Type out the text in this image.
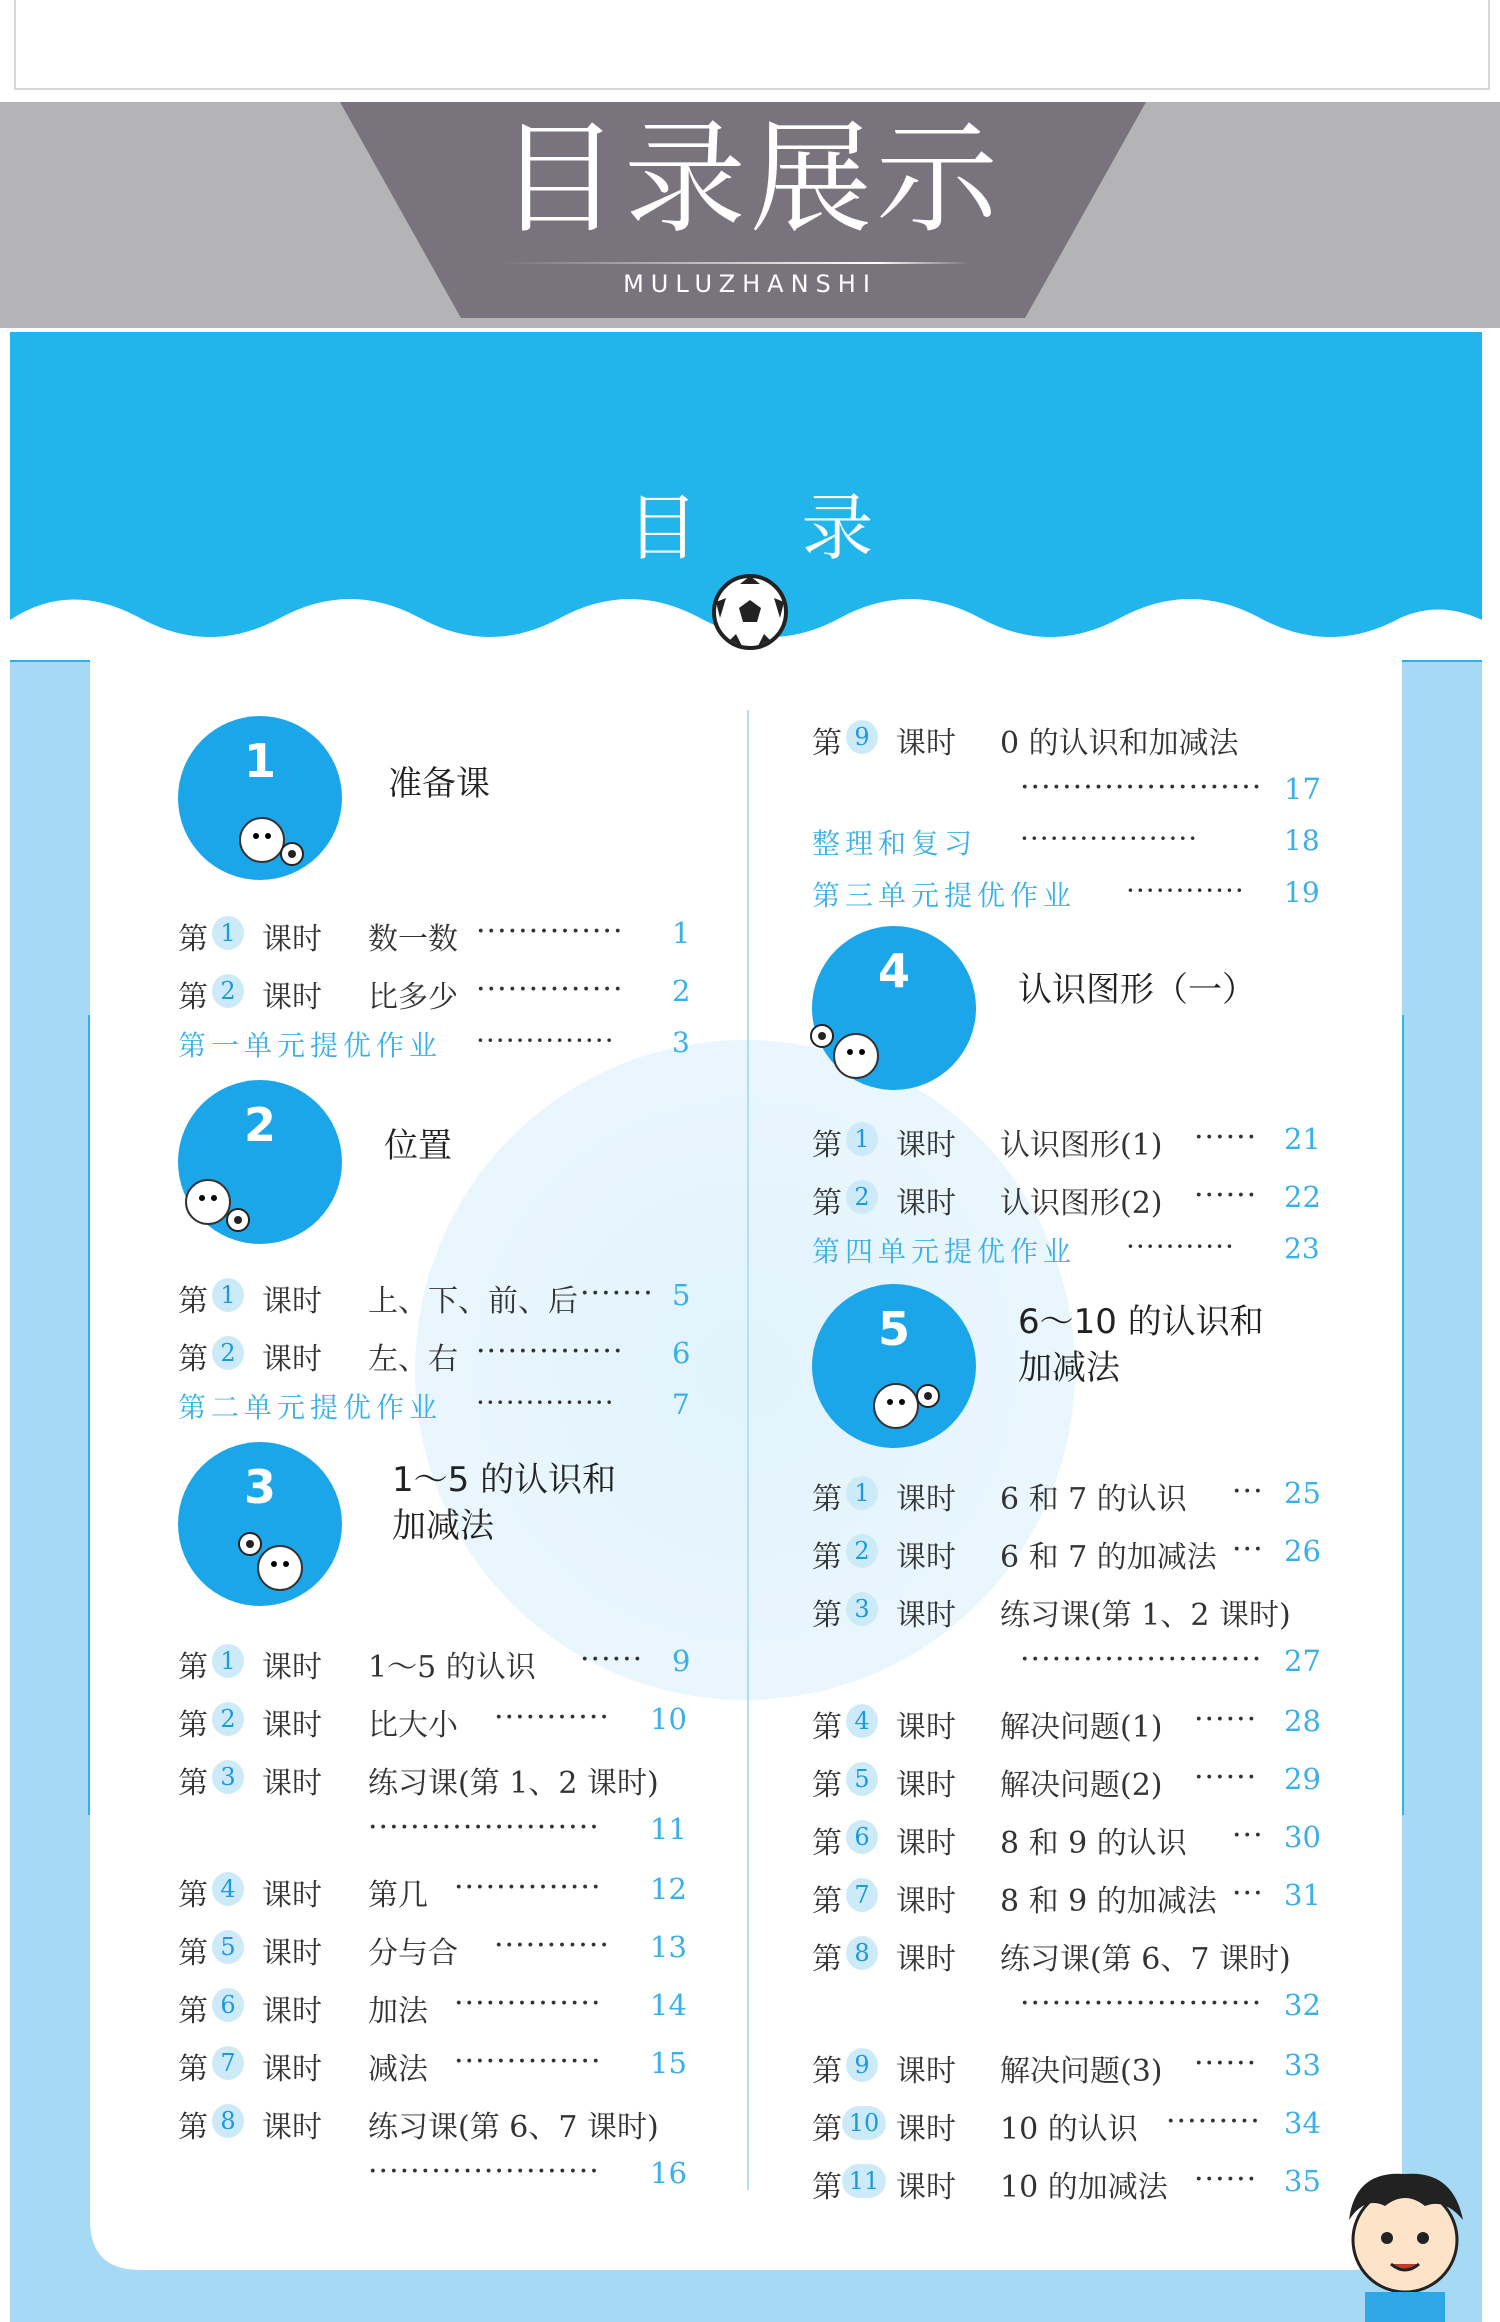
目录展示
MULUZHANSHI
目 录
1	准备课
第 1 课时 数一数 ·············· 1
第 2 课时 比多少 ·············· 2
第一单元提优作业 ·············· 3
2	位置
第 1 课时 上、下、前、后 ······· 5
第 2 课时 左、右 ·············· 6
第二单元提优作业 ·············· 7
3	1～5 的认识和
加减法
第 1 课时 1～5 的认识 ······ 9
第 2 课时 比大小 ··········· 10
第 3 课时 练习课(第 1、2 课时)
······················ 11
第 4 课时 第几 ·············· 12
第 5 课时 分与合 ··········· 13
第 6 课时 加法 ·············· 14
第 7 课时 减法 ·············· 15
第 8 课时 练习课(第 6、7 课时)
······················ 16
第 9 课时 0 的认识和加减法
······················· 17
整理和复习 ··················	18
第三单元提优作业 ············ 19
4	认识图形（一）
第 1 课时 认识图形(1) ······ 21
第 2 课时 认识图形(2) ······ 22
第四单元提优作业 ··········· 23
5	6～10 的认识和
加减法
第 1 课时 6 和 7 的认识 ··· 25
第 2 课时 6 和 7 的加减法 ··· 26
第 3 课时 练习课(第 1、2 课时)
······················· 27
第 4 课时 解决问题(1) ······ 28
第 5 课时 解决问题(2) ······ 29
第 6 课时 8 和 9 的认识 ··· 30
第 7 课时 8 和 9 的加减法 ··· 31
第 8 课时 练习课(第 6、7 课时)
······················· 32
第 9 课时 解决问题(3) ······ 33
第 10 课时 10 的认识 ········· 34
第 11 课时 10 的加减法 ······ 35
